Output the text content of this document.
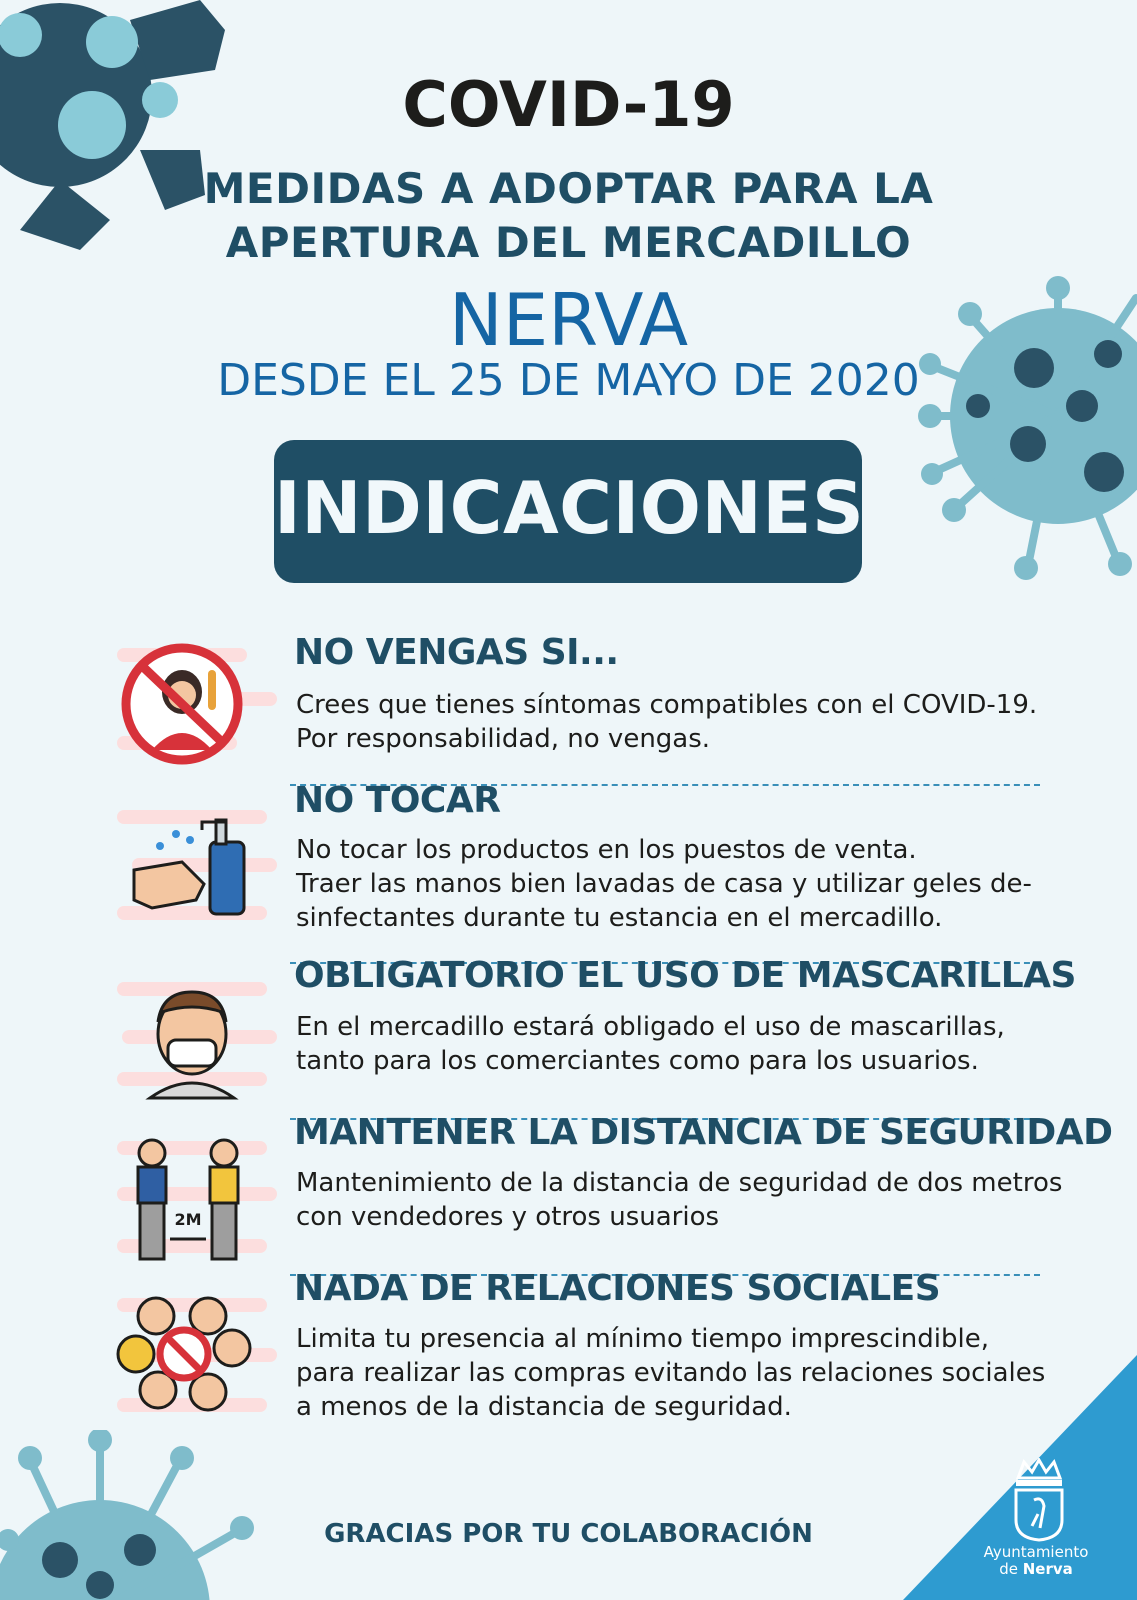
COVID-19
MEDIDAS A ADOPTAR PARA LA
APERTURA DEL MERCADILLO
NERVA
DESDE EL 25 DE MAYO DE 2020
INDICACIONES
NO VENGAS SI...
Crees que tienes síntomas compatibles con el COVID-19.
Por responsabilidad, no vengas.
NO TOCAR
No tocar los productos en los puestos de venta.
Traer las manos bien lavadas de casa y utilizar geles de-
sinfectantes durante tu estancia en el mercadillo.
OBLIGATORIO EL USO DE MASCARILLAS
En el mercadillo estará obligado el uso de mascarillas,
tanto para los comerciantes como para los usuarios.
2M
MANTENER LA DISTANCIA DE SEGURIDAD
Mantenimiento de la distancia de seguridad de dos metros
con vendedores y otros usuarios
NADA DE RELACIONES SOCIALES
Limita tu presencia al mínimo tiempo imprescindible,
para realizar las compras evitando las relaciones sociales
a menos de la distancia de seguridad.
GRACIAS POR TU COLABORACIÓN
Ayuntamiento
de Nerva
